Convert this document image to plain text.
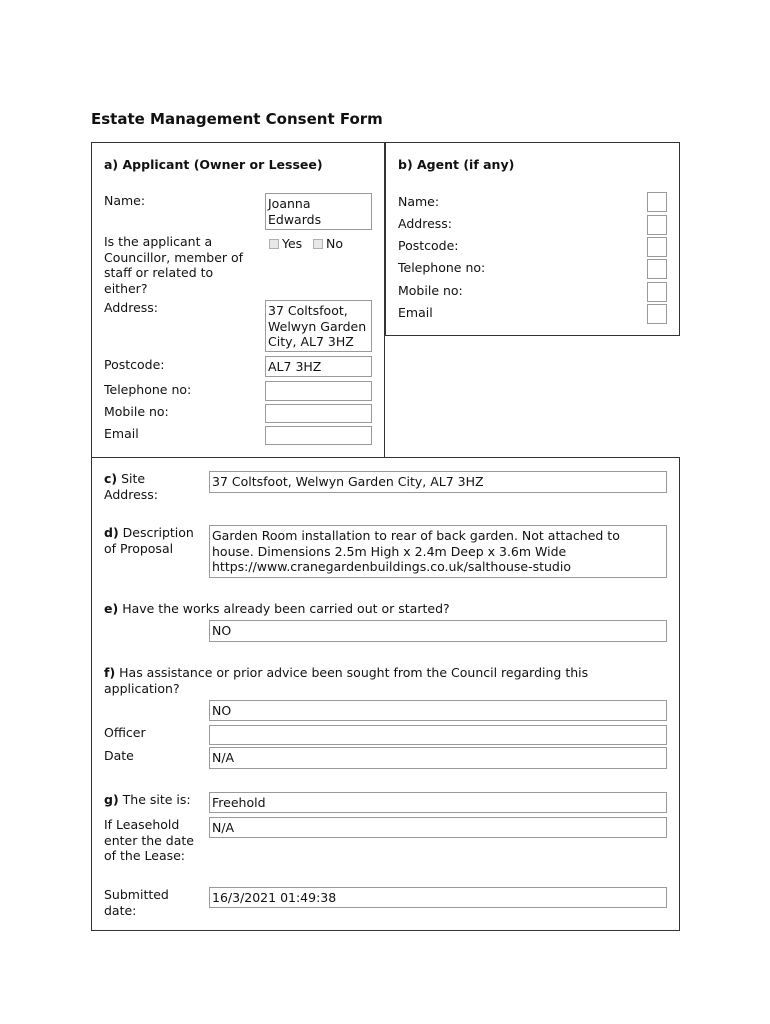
Estate Management Consent Form
a) Applicant (Owner or Lessee)
Name:	Joanna
Edwards
Is the applicant a Councillor, member of staff or related to either?
Yes	No
Address:	37 Coltsfoot,
Welwyn Garden
City, AL7 3HZ
Postcode:	AL7 3HZ
Telephone no:
Mobile no:
Email
b) Agent (if any)
Name:
Address:
Postcode:
Telephone no:
Mobile no:
Email
c) Site
Address:
37 Coltsfoot, Welwyn Garden City, AL7 3HZ
d) Description
of Proposal
Garden Room installation to rear of back garden. Not attached to
house. Dimensions 2.5m High x 2.4m Deep x 3.6m Wide
https://www.cranegardenbuildings.co.uk/salthouse-studio
e) Have the works already been carried out or started?
NO
f) Has assistance or prior advice been sought from the Council regarding this
application?
NO
Officer
Date	N/A
g) The site is: Freehold
If Leasehold
enter the date
of the Lease:
N/A
Submitted
date:
16/3/2021 01:49:38
